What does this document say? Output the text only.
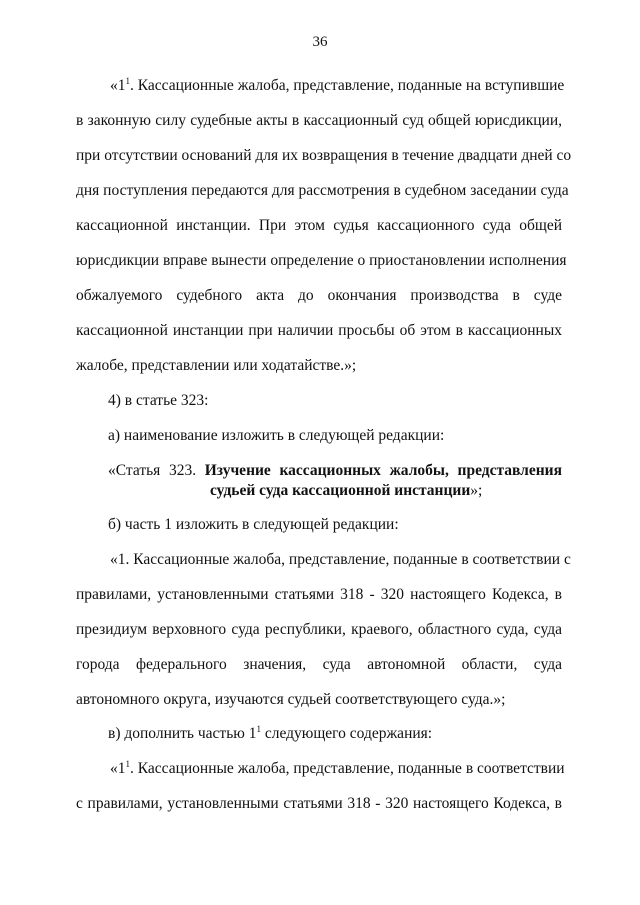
36
«$1^1$. Кассационные жалоба, представление, поданные на вступившие
в законную силу судебные акты в кассационный суд общей юрисдикции,
при отсутствии оснований для их возвращения в течение двадцати дней со
дня поступления передаются для рассмотрения в судебном заседании суда
кассационной инстанции. При этом судья кассационного суда общей
юрисдикции вправе вынести определение о приостановлении исполнения
обжалуемого судебного акта до окончания производства в суде
кассационной инстанции при наличии просьбы об этом в кассационных
жалобе, представлении или ходатайстве.»;
4) в статье 323:
а) наименование изложить в следующей редакции:
«Статья 323. Изучение кассационных жалобы, представления
судьей суда кассационной инстанции»;
б) часть 1 изложить в следующей редакции:
«1. Кассационные жалоба, представление, поданные в соответствии с
правилами, установленными статьями 318 - 320 настоящего Кодекса, в
президиум верховного суда республики, краевого, областного суда, суда
города федерального значения, суда автономной области, суда
автономного округа, изучаются судьей соответствующего суда.»;
в) дополнить частью $1^1$ следующего содержания:
«$1^1$. Кассационные жалоба, представление, поданные в соответствии
с правилами, установленными статьями 318 - 320 настоящего Кодекса, в
